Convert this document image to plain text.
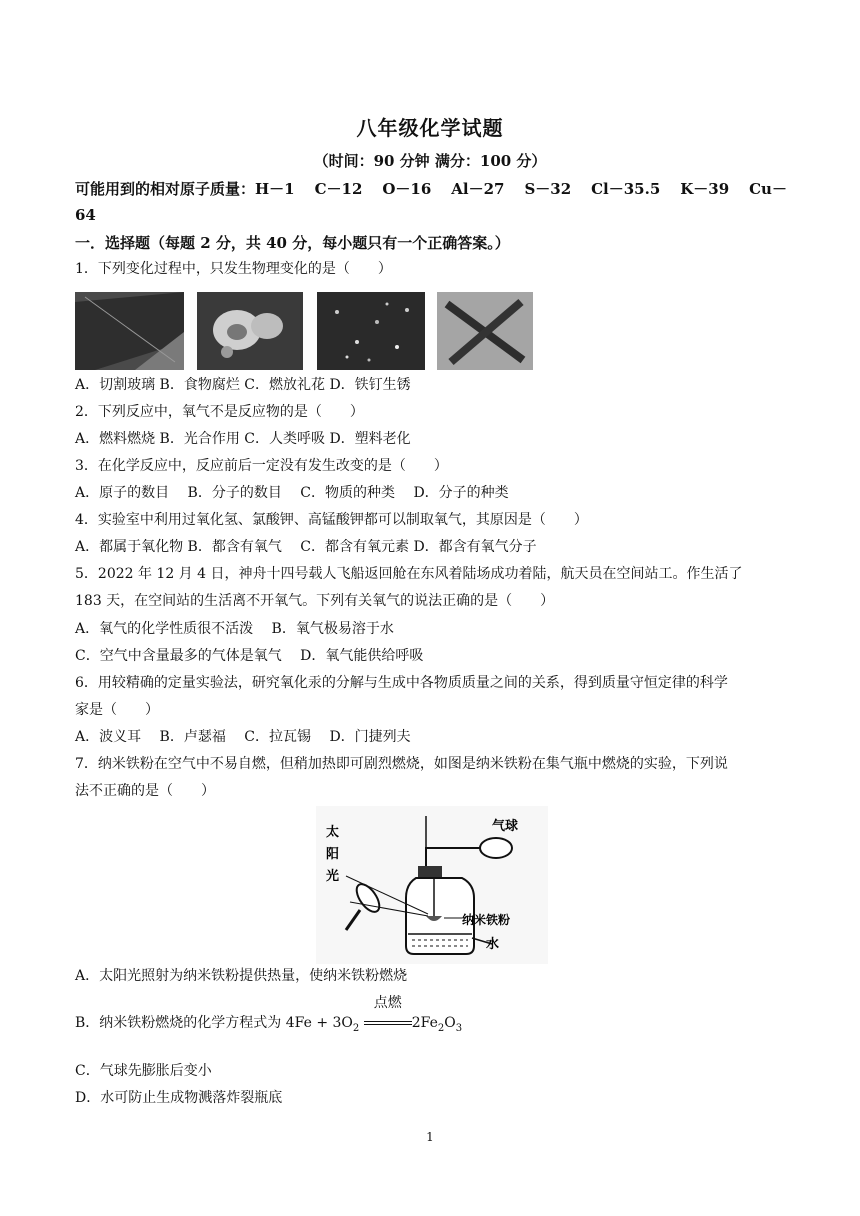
八年级化学试题
（时间：90 分钟 满分：100 分）
可能用到的相对原子质量：H－1 C－12 O－16 Al－27 S－32 Cl－35.5 K－39 Cu－
64
一．选择题（每题 2 分，共 40 分，每小题只有一个正确答案。）
1．下列变化过程中，只发生物理变化的是（　　）
A．切割玻璃 B．食物腐烂 C．燃放礼花 D．铁钉生锈
2．下列反应中，氧气不是反应物的是（　　）
A．燃料燃烧 B．光合作用 C．人类呼吸 D．塑料老化
3．在化学反应中，反应前后一定没有发生改变的是（　　）
A．原子的数目　 B．分子的数目　 C．物质的种类　 D．分子的种类
4．实验室中利用过氧化氢、氯酸钾、高锰酸钾都可以制取氧气，其原因是（　　）
A．都属于氧化物 B．都含有氧气　 C．都含有氧元素 D．都含有氧气分子
5．2022 年 12 月 4 日，神舟十四号载人飞船返回舱在东风着陆场成功着陆，航天员在空间站工。作生活了
183 天，在空间站的生活离不开氧气。下列有关氧气的说法正确的是（　　）
A．氧气的化学性质很不活泼　 B．氧气极易溶于水
C．空气中含量最多的气体是氧气　 D．氧气能供给呼吸
6．用较精确的定量实验法，研究氧化汞的分解与生成中各物质质量之间的关系，得到质量守恒定律的科学
家是（　　）
A．波义耳　 B．卢瑟福　 C．拉瓦锡　 D．门捷列夫
7．纳米铁粉在空气中不易自燃，但稍加热即可剧烈燃烧，如图是纳米铁粉在集气瓶中燃烧的实验，下列说
法不正确的是（　　）
气球
纳米铁粉
水
太
阳
光
A．太阳光照射为纳米铁粉提供热量，使纳米铁粉燃烧
B．纳米铁粉燃烧的化学方程式为 $4Fe + 3O_2$
点燃
$2Fe_2O_3$
C．气球先膨胀后变小
D．水可防止生成物溅落炸裂瓶底
1
